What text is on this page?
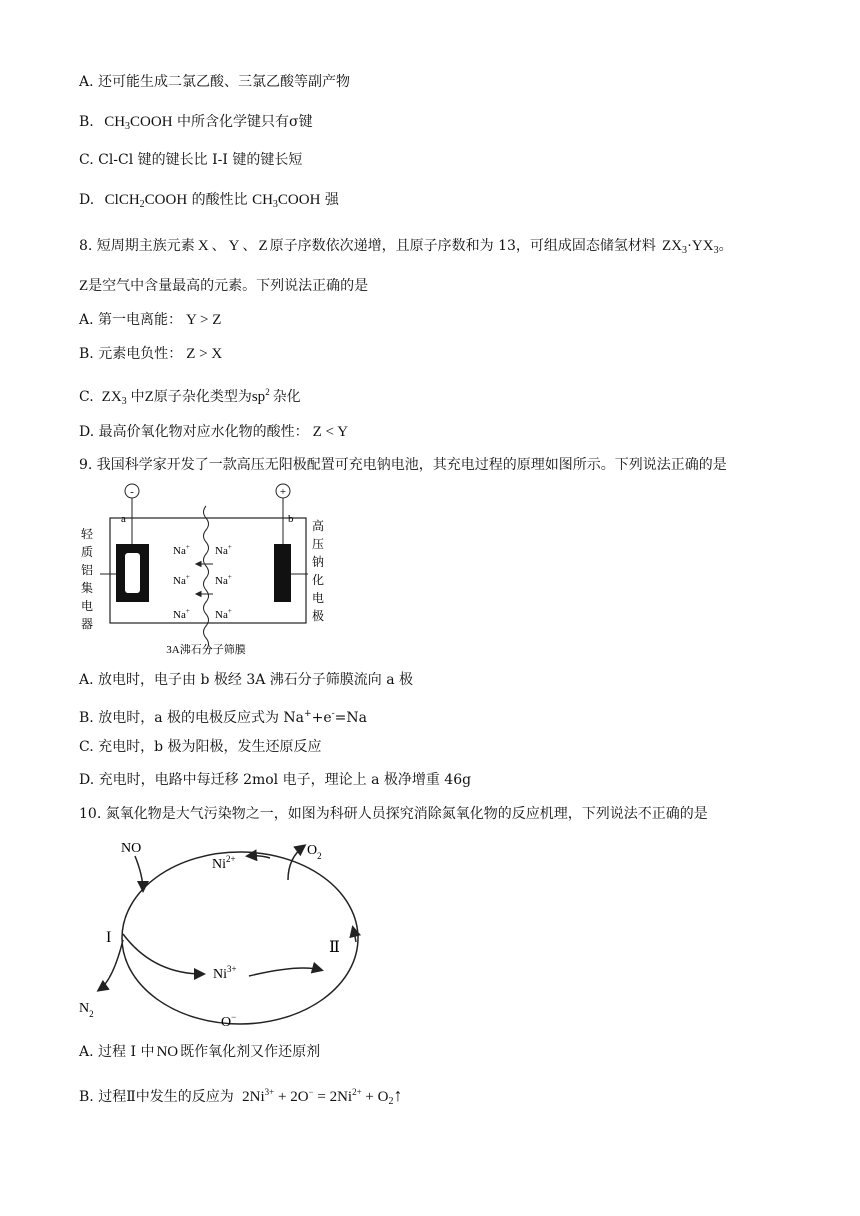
A. 还可能生成二氯乙酸、三氯乙酸等副产物
B. $CH_3COOH$ 中所含化学键只有σ键
C. Cl-Cl 键的键长比 I-I 键的键长短
D. ClCH$_2$COOH 的酸性比 $CH_3COOH$ 强
8. 短周期主族元素 X 、 Y 、 Z 原子序数依次递增，且原子序数和为 13，可组成固态储氢材料 $ZX_3\cdot YX_3$。
Z是空气中含量最高的元素。下列说法正确的是
A. 第一电离能： Y > Z
B. 元素电负性： Z > X
C. $ZX_3$ 中Z原子杂化类型为$sp^2$ 杂化
D. 最高价氧化物对应水化物的酸性： Z < Y
9. 我国科学家开发了一款高压无阳极配置可充电钠电池，其充电过程的原理如图所示。下列说法正确的是
-	+
a	b
Na+ Na+
Na+ Na+
Na+ Na+
轻
质
铝
集
电
器
高
压
钠
化
电
极
3A沸石分子筛膜
A. 放电时，电子由 b 极经 3A 沸石分子筛膜流向 a 极
B. 放电时，a 极的电极反应式为 Na++e-=Na
C. 充电时，b 极为阳极，发生还原反应
D. 充电时，电路中每迁移 2mol 电子，理论上 a 极净增重 46g
10. 氮氧化物是大气污染物之一，如图为科研人员探究消除氮氧化物的反应机理，下列说法不正确的是
NO
$Ni^{2+}$
$O_2$
I
Ⅱ
$Ni^{3+}$
$N_2$
O−
A. 过程 I 中 NO 既作氧化剂又作还原剂
B. 过程Ⅱ中发生的反应为 $2Ni^{3+} + 2O^- = 2Ni^{2+}$ + $O_2↑$
